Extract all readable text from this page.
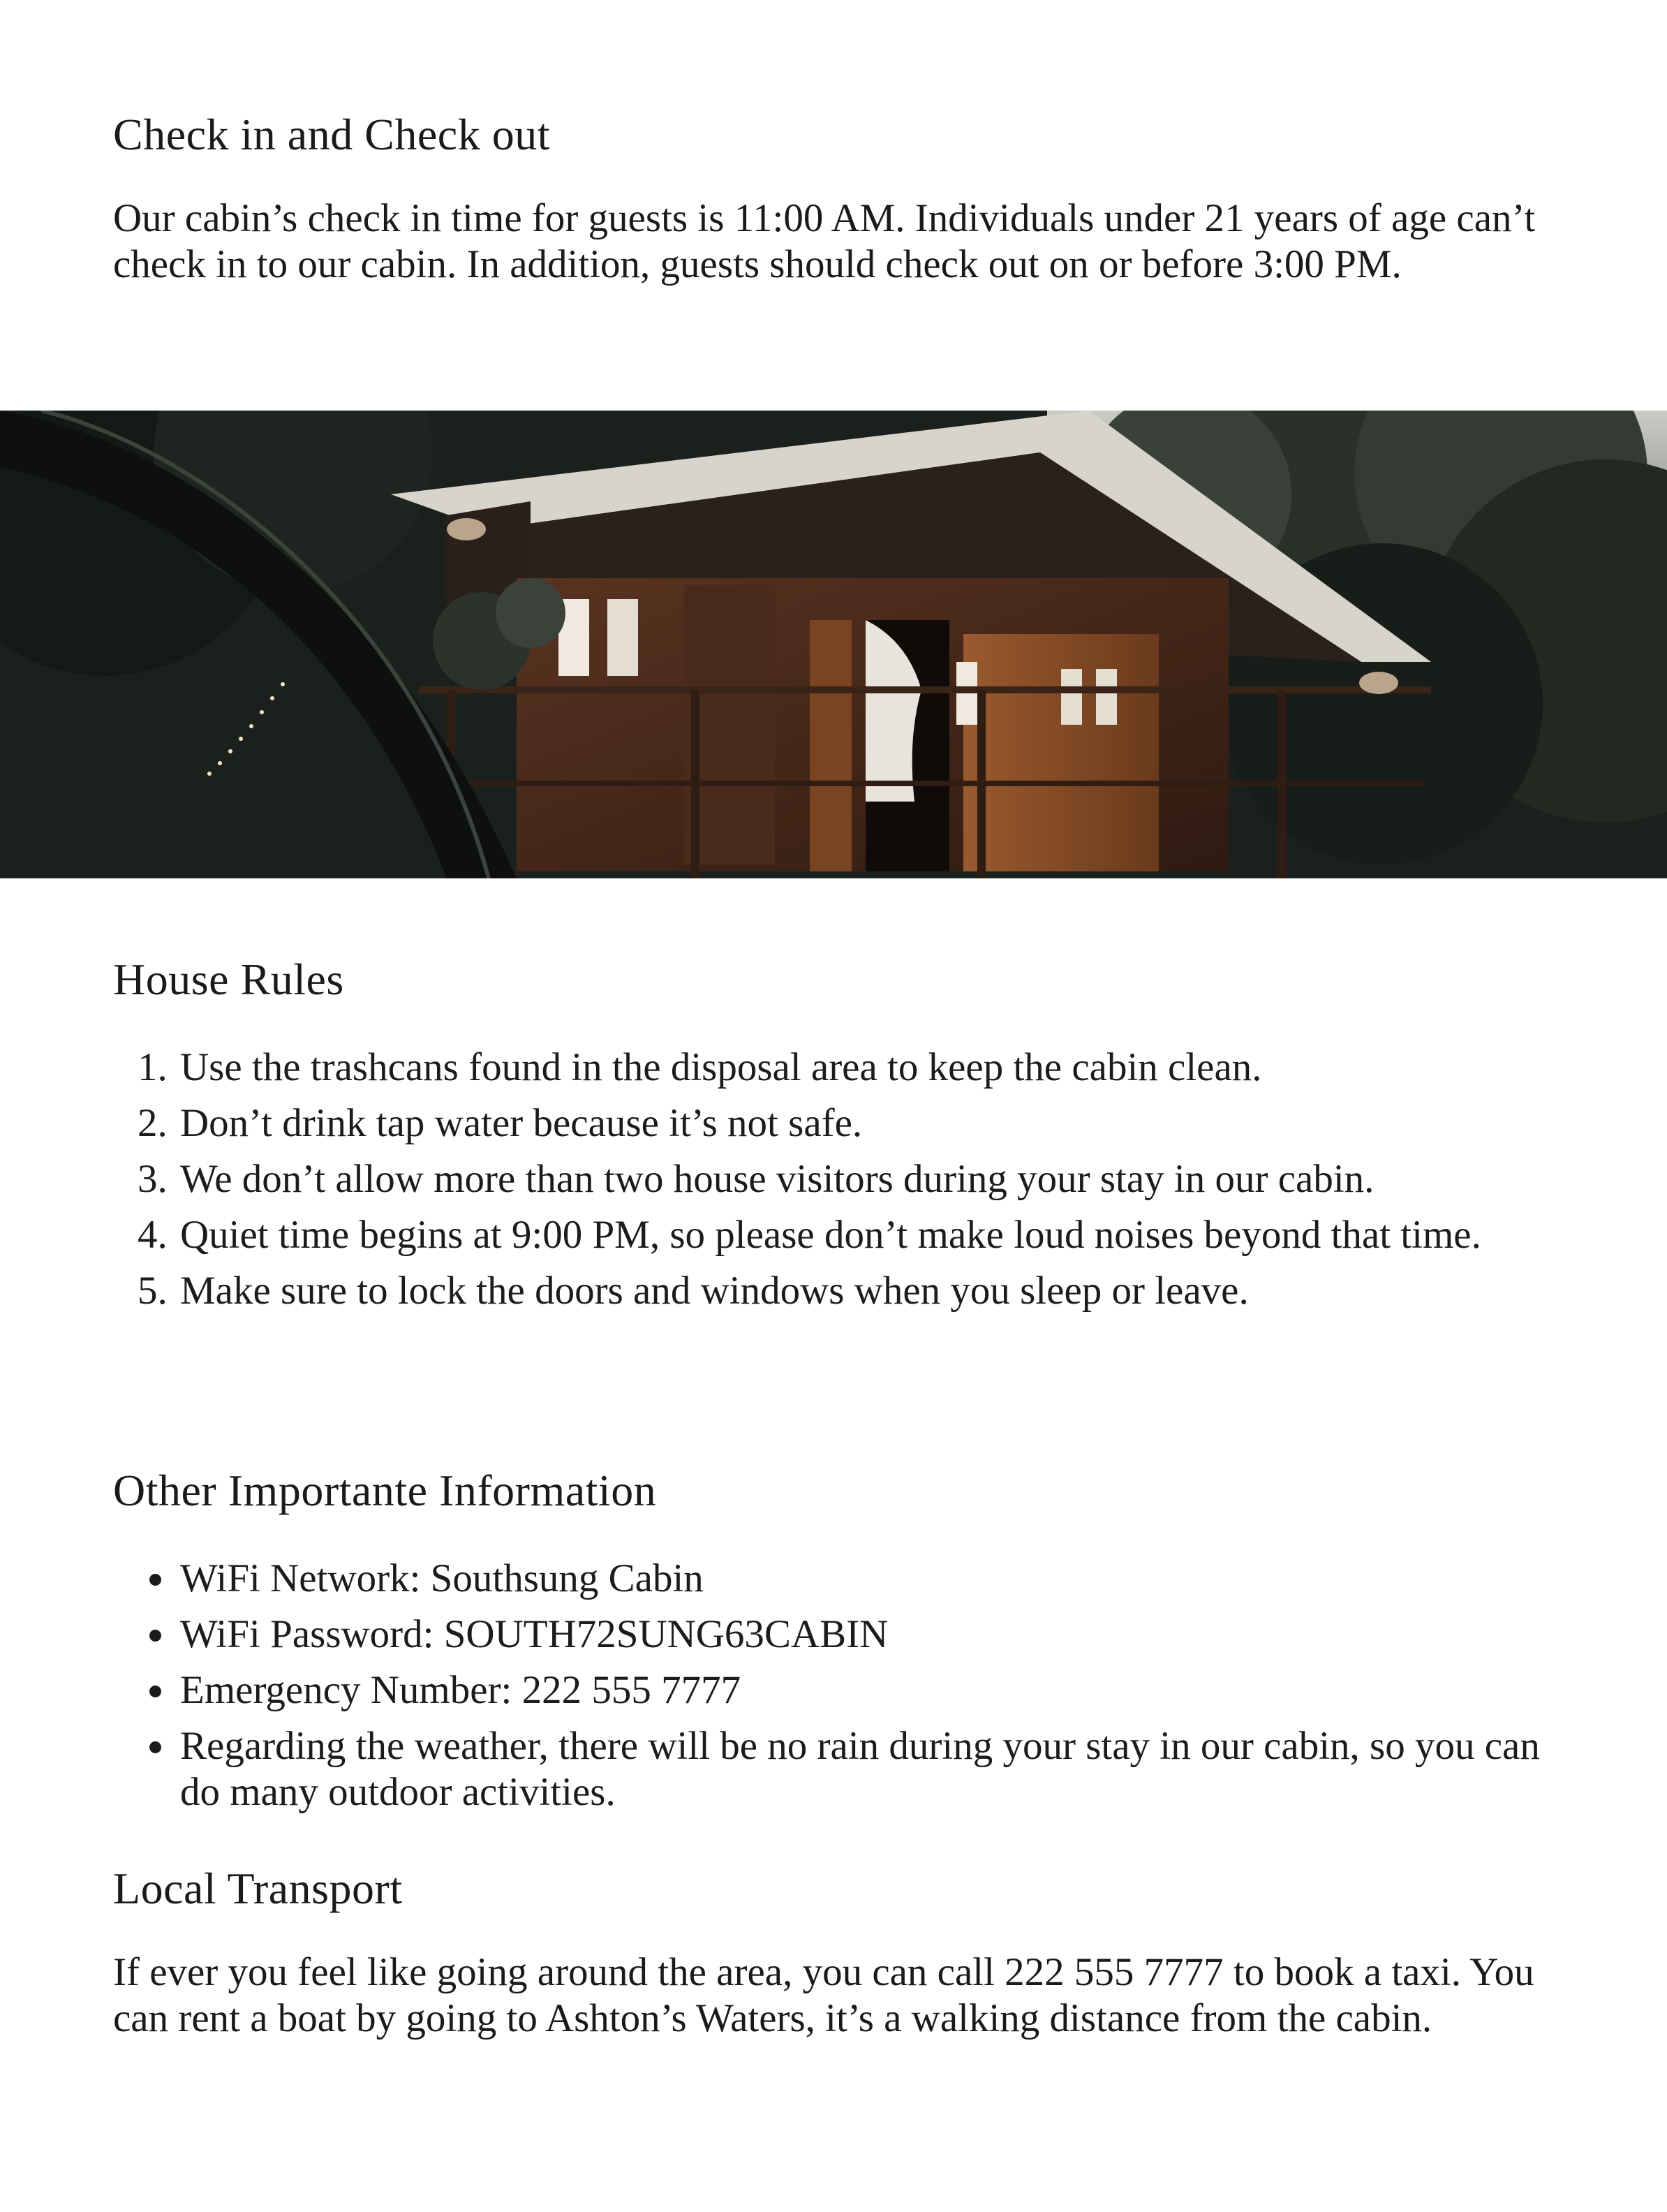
Check in and Check out

Our cabin’s check in time for guests is 11:00 AM. Individuals under 21 years of age can’t check in to our cabin. In addition, guests should check out on or before 3:00 PM.

House Rules
1. Use the trashcans found in the disposal area to keep the cabin clean.
2. Don’t drink tap water because it’s not safe.
3. We don’t allow more than two house visitors during your stay in our cabin.
4. Quiet time begins at 9:00 PM, so please don’t make loud noises beyond that time.
5. Make sure to lock the doors and windows when you sleep or leave.
Other Importante Information
• WiFi Network: Southsung Cabin
• WiFi Password: SOUTH72SUNG63CABIN
• Emergency Number: 222 555 7777
• Regarding the weather, there will be no rain during your stay in our cabin, so you can do many outdoor activities.
Local Transport

If ever you feel like going around the area, you can call 222 555 7777 to book a taxi. You can rent a boat by going to Ashton’s Waters, it’s a walking distance from the cabin.
